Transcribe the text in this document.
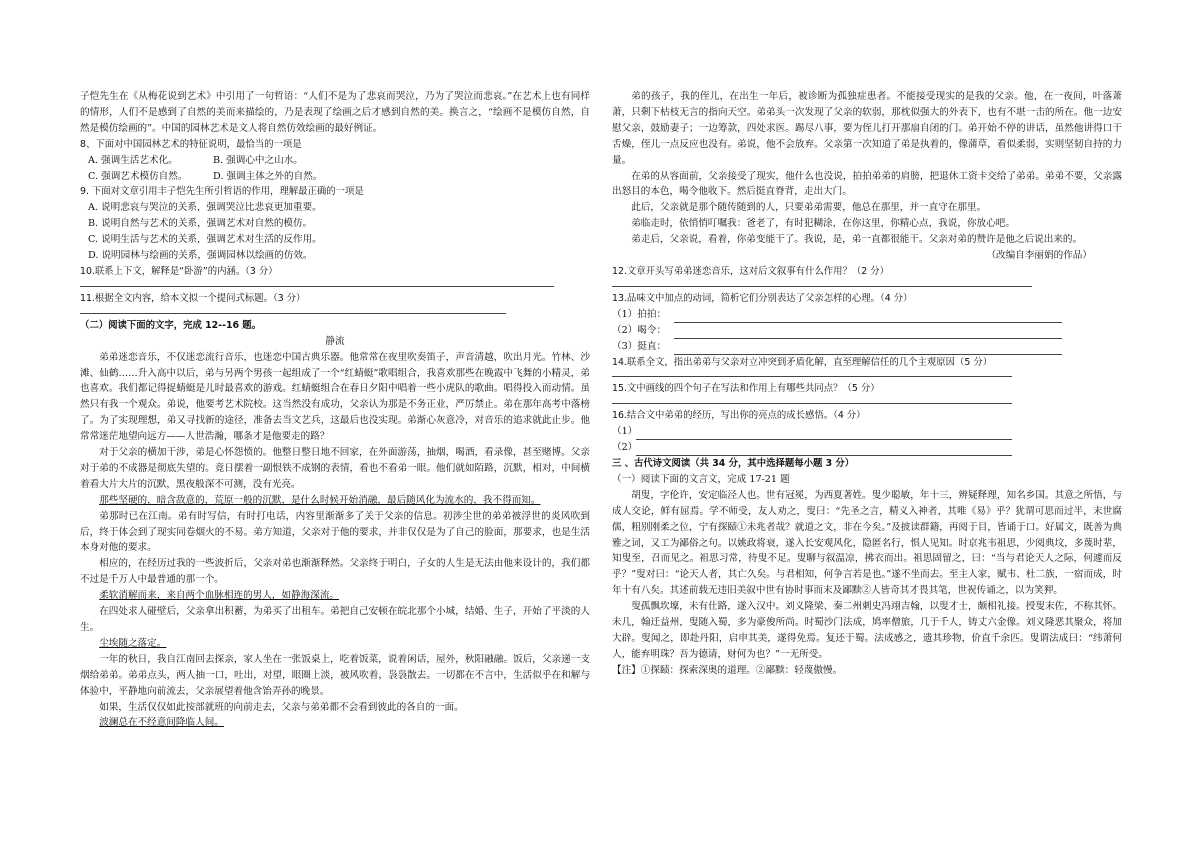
子恺先生在《从梅花说到艺术》中引用了一句哲语：“人们不是为了悲哀而哭泣，乃为了哭泣而悲哀。”在艺术上也有同样的情形，人们不是感到了自然的美而来描绘的，乃是表现了绘画之后才感到自然的美。换言之，“绘画不是模仿自然，自然是模仿绘画的”。中国的园林艺术是文人将自然仿效绘画的最好例证。

8、下面对中国园林艺术的特征说明，最恰当的一项是

A. 强调生活艺术化。	B. 强调心中之山水。
C. 强调艺术模仿自然。	D. 强调主体之外的自然。

9. 下面对文章引用丰子恺先生所引哲语的作用，理解最正确的一项是

A. 说明悲哀与哭泣的关系，强调哭泣比悲哀更加重要。

B. 说明自然与艺术的关系，强调艺术对自然的模仿。

C. 说明生活与艺术的关系，强调艺术对生活的反作用。

D. 说明园林与绘画的关系，强调园林以绘画的仿效。

10.联系上下文，解释是“卧游”的内涵。（3 分）

11.根据全文内容，给本文拟一个提问式标题。（3 分）

（二）阅读下面的文字，完成 12--16 题。

静流

弟弟迷恋音乐，不仅迷恋流行音乐，也迷恋中国古典乐器。他常常在夜里吹奏笛子，声音清越，吹出月光。竹林、沙滩、仙鹤……升入高中以后，弟与另两个男孩一起组成了一个“红蜻蜓”歌唱组合，我喜欢那些在晚霞中飞舞的小精灵，弟也喜欢。我们都记得捉蜻蜓是儿时最喜欢的游戏。红蜻蜓组合在春日夕阳中唱着一些小虎队的歌曲。唱得投入而动情。虽然只有我一个观众。弟说，他要考艺术院校。这当然没有成功，父亲认为那是不务正业，严厉禁止。弟在那年高考中落榜了。为了实现理想，弟又寻找新的途径，准备去当文艺兵，这最后也没实现。弟渐心灰意冷，对音乐的追求就此止步。他常常迷茫地望向远方——人世浩瀚，哪条才是他要走的路？

对于父亲的横加干涉，弟是心怀怨愤的。他整日整日地不回家，在外面游荡，抽烟，喝酒，看录像，甚至赌博。父亲对于弟的不成器是彻底失望的。竟日摆着一副恨铁不成钢的表情，看也不看弟一眼。他们就如陌路，沉默，相对，中间横着看大片大片的沉默，黑夜般深不可测，没有光亮。

那些坚硬的，暗含敌意的，荒原一般的沉默，是什么时候开始消融，最后随风化为流水的，我不得而知。

弟那时已在江南。弟有时写信，有时打电话，内容里渐渐多了关于父亲的信息。初涉尘世的弟弟被浮世的炎风吹到后，终于体会到了现实同卷烟火的不易。弟方知道，父亲对于他的要求，并非仅仅是为了自己的脸面，那要求，也是生活本身对他的要求。

相应的，在经历过我的一些波折后，父亲对弟也渐渐释然。父亲终于明白，子女的人生是无法由他来设计的，我们都不过是千万人中最普通的那一个。

柔软消解而来，来自两个血脉相连的男人，如静海深流。

在四处求人碰壁后，父亲拿出积蓄，为弟买了出租车。弟把自己安顿在皖北那个小城，结婚、生子，开始了平淡的人生。

尘埃随之落定。

一年的秋日，我自江南回去探亲，家人坐在一张饭桌上，吃着饭菜，说着闲话，屋外，秋阳融融。饭后，父亲递一支烟给弟弟。弟弟点头，两人抽一口，吐出，对望，眼圈上淡，被风吹着，袅袅散去。一切都在不言中，生活似乎在和解与体验中，平静地向前流去，父亲展望着他含饴弄孙的晚景。

如果，生活仅仅如此按部就班的向前走去，父亲与弟弟都不会看到彼此的各自的一面。

波澜总在不经意间降临人间。

弟的孩子，我的侄儿，在出生一年后，被诊断为孤独症患者。不能接受现实的是我的父亲。他，在一夜间，叶落萧萧，只剩下枯枝无言的指向天空。弟弟头一次发现了父亲的软弱，那枕似强大的外表下，也有不堪一击的所在。他一边安慰父亲，鼓励妻子；一边筹款，四处求医。踢尽八事，要为侄儿打开那扇自闭的门。弟开始不停的讲话，虽然他讲得口干舌燥，侄儿一点反应也没有。弟说，他不会放弃。父亲第一次知道了弟是执着的，像蒲草，看似柔弱，实则坚韧自持的力量。

在弟的从容面前，父亲接受了现实，他什么也没说，拍拍弟弟的肩膀，把退休工资卡交给了弟弟。弟弟不要，父亲露出怒目的本色，喝令他收下。然后挺直脊背，走出大门。

此后，父亲就是那个随传随到的人，只要弟弟需要，他总在那里，并一直守在那里。

弟临走时，依悄悄叮嘱我：爸老了，有时犯糊涂，在你这里，你精心点，我说，你放心吧。

弟走后，父亲说，看着，你弟变能干了。我说，是，弟一直都很能干。父亲对弟的赞许是他之后说出来的。

（改编自李丽娟的作品）

12.文章开头写弟弟迷恋音乐，这对后文叙事有什么作用？（2 分）

13.品味文中加点的动词，简析它们分别表达了父亲怎样的心理。（4 分）

（1）拍拍：
（2）喝令：
（3）挺直：

14.联系全文，指出弟弟与父亲对立冲突到矛盾化解，直至理解信任的几个主观原因（5 分）

15.文中画线的四个句子在写法和作用上有哪些共同点？（5 分）

16.结合文中弟弟的经历，写出你的亮点的成长感悟。（4 分）

（1）
（2）

三 、古代诗文阅读（共 34 分，其中选择题每小题 3 分）

（一）阅读下面的文言文，完成 17-21 题

胡叟，字伦许，安定临泾人也。世有冠冕，为西夏著姓。叟少聪敏，年十三，辨疑释理，知名乡国。其意之所悟，与成人交论，鲜有屈焉。学不师受，友人劝之，叟曰：“先圣之言，精义入神者，其唯《易》乎？犹谓可思而过半，末世腐儒，粗别刚柔之位，宁有探赜①未兆者哉？就道之文，非在今矣。”及披读群籍，再阅于目，皆诵于口。好属文，既善为典雅之词，又工为鄙俗之句。以姚政将衰，遂入长安观风化，隐匿名行，惧人见知。时京兆韦祖思，少阅典坟，多蔑时辈，知叟至，召而见之。祖思习常，待叟不足。叟聊与叙温凉，拂衣而出。祖思固留之，曰：“当与君论天人之际，何遽而反乎？”叟对曰：“论天人者，其亡久矣。与君相知，何争言若是也。”遂不坐而去。至主人家，赋韦、杜二族，一宿而成，时年十有八矣。其述前载无违旧美叙中世有协时事而末及鄙黩②人皆奇其才畏其笔，世祝传诵之，以为笑狎。

叟孤飘坎壈，未有仕路，遂入汉中。刘义隆梁、秦二州刺史冯翊吉翰，以叟才士，颇相礼接。授叟末佐，不称其怀。未几，翰迁益州，叟随入蜀，多为豪俊所尚。时蜀沙门法成，鸠率僧旅，几于千人，铸丈六金像。刘义隆恶其聚众，将加大辟。叟闻之，即赴丹阳，启申其美，遂得免焉。复还于蜀。法成感之，遗其珍物，价直千余匹。叟谓法成曰：“纬萧何人，能弃明珠？吾为德请，财何为也？”一无所受。

【注】①探赜：探索深奥的道理。②鄙黩：轻蔑傲慢。
